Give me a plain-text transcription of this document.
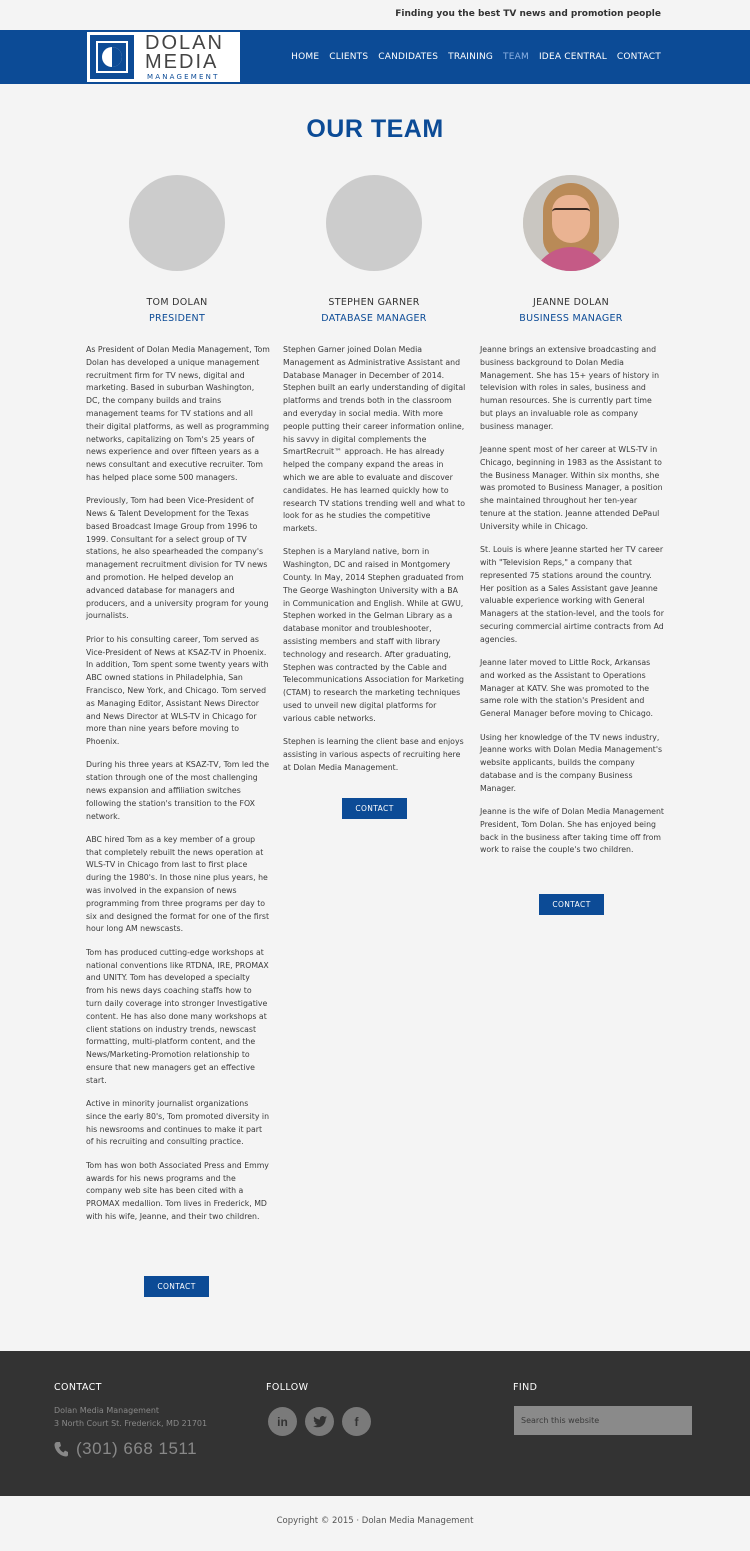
Finding you the best TV news and promotion people
DOLAN
MEDIA
MANAGEMENT
HOME CLIENTS CANDIDATES TRAINING TEAM IDEA CENTRAL CONTACT
OUR TEAM
TOM DOLAN
PRESIDENT

As President of Dolan Media Management, Tom Dolan has developed a unique management recruitment firm for TV news, digital and marketing. Based in suburban Washington, DC, the company builds and trains management teams for TV stations and all their digital platforms, as well as programming networks, capitalizing on Tom's 25 years of news experience and over fifteen years as a news consultant and executive recruiter. Tom has helped place some 500 managers.

Previously, Tom had been Vice-President of News & Talent Development for the Texas based Broadcast Image Group from 1996 to 1999. Consultant for a select group of TV stations, he also spearheaded the company's management recruitment division for TV news and promotion. He helped develop an advanced database for managers and producers, and a university program for young journalists.

Prior to his consulting career, Tom served as Vice-President of News at KSAZ-TV in Phoenix. In addition, Tom spent some twenty years with ABC owned stations in Philadelphia, San Francisco, New York, and Chicago. Tom served as Managing Editor, Assistant News Director and News Director at WLS-TV in Chicago for more than nine years before moving to Phoenix.

During his three years at KSAZ-TV, Tom led the station through one of the most challenging news expansion and affiliation switches following the station's transition to the FOX network.

ABC hired Tom as a key member of a group that completely rebuilt the news operation at WLS-TV in Chicago from last to first place during the 1980's. In those nine plus years, he was involved in the expansion of news programming from three programs per day to six and designed the format for one of the first hour long AM newscasts.

Tom has produced cutting-edge workshops at national conventions like RTDNA, IRE, PROMAX and UNITY. Tom has developed a specialty from his news days coaching staffs how to turn daily coverage into stronger Investigative content. He has also done many workshops at client stations on industry trends, newscast formatting, multi-platform content, and the News/Marketing-Promotion relationship to ensure that new managers get an effective start.

Active in minority journalist organizations since the early 80's, Tom promoted diversity in his newsrooms and continues to make it part of his recruiting and consulting practice.

Tom has won both Associated Press and Emmy awards for his news programs and the company web site has been cited with a PROMAX medallion. Tom lives in Frederick, MD with his wife, Jeanne, and their two children.

CONTACT
STEPHEN GARNER
DATABASE MANAGER

Stephen Garner joined Dolan Media Management as Administrative Assistant and Database Manager in December of 2014. Stephen built an early understanding of digital platforms and trends both in the classroom and everyday in social media. With more people putting their career information online, his savvy in digital complements the SmartRecruit™ approach. He has already helped the company expand the areas in which we are able to evaluate and discover candidates. He has learned quickly how to research TV stations trending well and what to look for as he studies the competitive markets.

Stephen is a Maryland native, born in Washington, DC and raised in Montgomery County. In May, 2014 Stephen graduated from The George Washington University with a BA in Communication and English. While at GWU, Stephen worked in the Gelman Library as a database monitor and troubleshooter, assisting members and staff with library technology and research. After graduating, Stephen was contracted by the Cable and Telecommunications Association for Marketing (CTAM) to research the marketing techniques used to unveil new digital platforms for various cable networks.

Stephen is learning the client base and enjoys assisting in various aspects of recruiting here at Dolan Media Management.

CONTACT
JEANNE DOLAN
BUSINESS MANAGER

Jeanne brings an extensive broadcasting and business background to Dolan Media Management. She has 15+ years of history in television with roles in sales, business and human resources. She is currently part time but plays an invaluable role as company business manager.

Jeanne spent most of her career at WLS-TV in Chicago, beginning in 1983 as the Assistant to the Business Manager. Within six months, she was promoted to Business Manager, a position she maintained throughout her ten-year tenure at the station. Jeanne attended DePaul University while in Chicago.

St. Louis is where Jeanne started her TV career with "Television Reps," a company that represented 75 stations around the country. Her position as a Sales Assistant gave Jeanne valuable experience working with General Managers at the station-level, and the tools for securing commercial airtime contracts from Ad agencies.

Jeanne later moved to Little Rock, Arkansas and worked as the Assistant to Operations Manager at KATV. She was promoted to the same role with the station's President and General Manager before moving to Chicago.

Using her knowledge of the TV news industry, Jeanne works with Dolan Media Management's website applicants, builds the company database and is the company Business Manager.

Jeanne is the wife of Dolan Media Management President, Tom Dolan. She has enjoyed being back in the business after taking time off from work to raise the couple's two children.

CONTACT
CONTACT
Dolan Media Management
3 North Court St. Frederick, MD 21701
(301) 668 1511
FOLLOW
in	f
FIND
Search this website
Copyright © 2015 · Dolan Media Management
